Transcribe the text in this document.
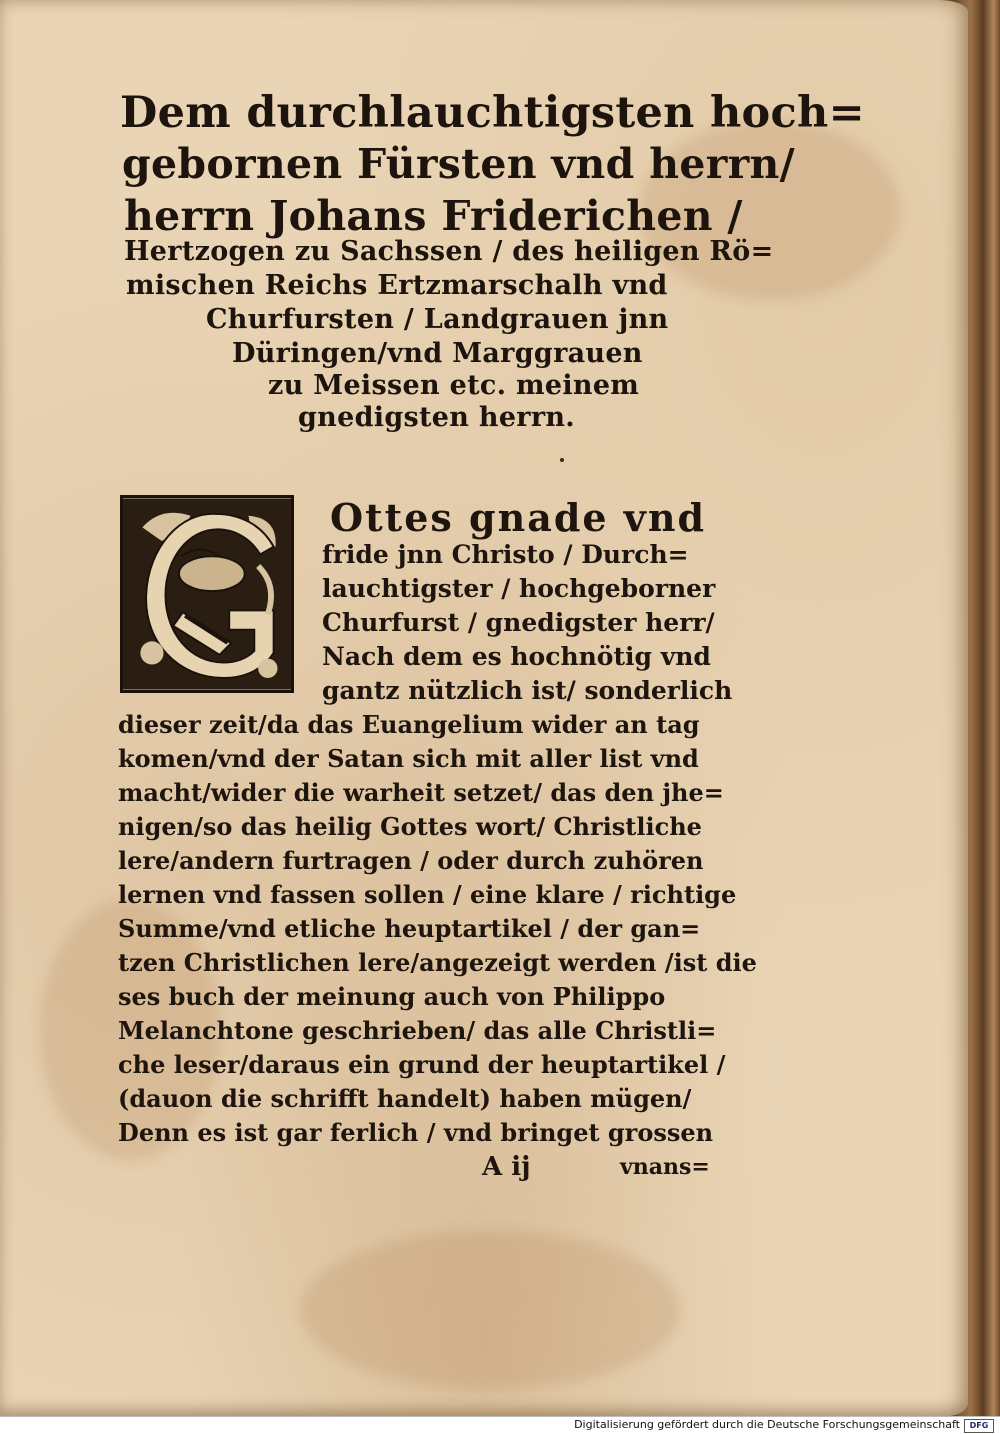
Dem durchlauchtigsten hoch=
gebornen Fürsten vnd herrn/
herrn Johans Friderichen /
Hertzogen zu Sachssen / des heiligen Rö=
mischen Reichs Ertzmarschalh vnd
Churfursten / Landgrauen jnn
Düringen/vnd Marggrauen
zu Meissen etc. meinem
gnedigsten herrn.
Ottes gnade vnd
fride jnn Christo / Durch=
lauchtigster / hochgeborner
Churfurst / gnedigster herr/
Nach dem es hochnötig vnd
gantz nützlich ist/ sonderlich
dieser zeit/da das Euangelium wider an tag
komen/vnd der Satan sich mit aller list vnd
macht/wider die warheit setzet/ das den jhe=
nigen/so das heilig Gottes wort/ Christliche
lere/andern furtragen / oder durch zuhören
lernen vnd fassen sollen / eine klare / richtige
Summe/vnd etliche heuptartikel / der gan=
tzen Christlichen lere/angezeigt werden /ist die
ses buch der meinung auch von Philippo
Melanchtone geschrieben/ das alle Christli=
che leser/daraus ein grund der heuptartikel /
(dauon die schrifft handelt) haben mügen/
Denn es ist gar ferlich / vnd bringet grossen
A ij	vnans=
Digitalisierung gefördert durch die Deutsche Forschungsgemeinschaft	DFG
